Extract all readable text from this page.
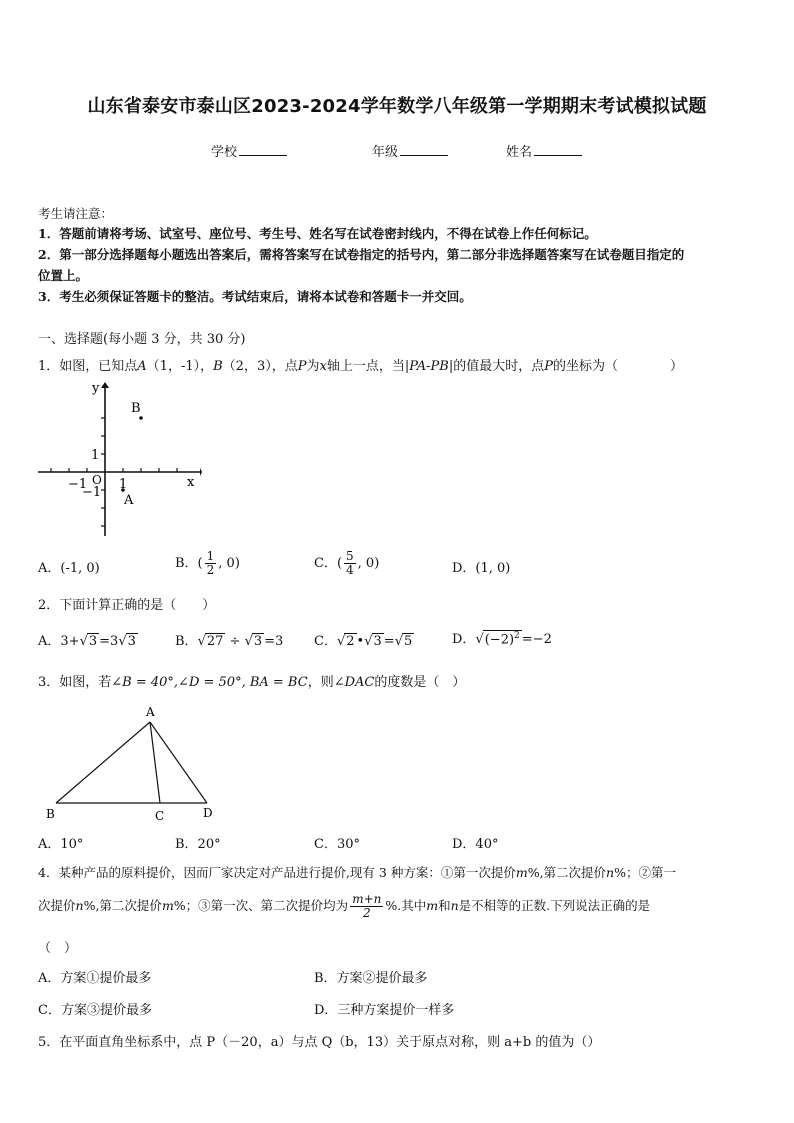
山东省泰安市泰山区2023-2024学年数学八年级第一学期期末考试模拟试题
学校	年级	姓名
考生请注意：
1．答题前请将考场、试室号、座位号、考生号、姓名写在试卷密封线内，不得在试卷上作任何标记。
2．第一部分选择题每小题选出答案后，需将答案写在试卷指定的括号内，第二部分非选择题答案写在试卷题目指定的
位置上。
3．考生必须保证答题卡的整洁。考试结束后，请将本试卷和答题卡一并交回。
一、选择题(每小题 3 分，共 30 分)
1．如图，已知点A（1，-1），B（2，3），点P为x轴上一点，当|PA-PB|的值最大时，点P的坐标为（　　　　）
y
x
B
A
1
−1 O
−1
1
A．(-1, 0)	B．( $\frac{1}{2}$ , 0)	C．( $\frac{5}{4}$ , 0)	D．(1, 0)
2．下面计算正确的是（　　）
A．3+√3 =3√3	B．√27 ÷ √3 =3 C．√2 •√3 =√5	D．$√(-2)^2 =-2$
3．如图，若∠B = 40°,∠D = 50°, BA = BC，则∠DAC的度数是（　）
A
B	C	D
A．10°	B．20°	C．30°	D．40°
4．某种产品的原料提价，因而厂家决定对产品进行提价,现有 3 种方案：①第一次提价m%,第二次提价n%；②第一
次提价n%,第二次提价m%；③第一次、第二次提价均为 $\frac{m+n}{2}$ %.其中m和n是不相等的正数.下列说法正确的是
（　）
A．方案①提价最多	B．方案②提价最多
C．方案③提价最多	D．三种方案提价一样多
5．在平面直角坐标系中，点 P（－20，a）与点 Q（b，13）关于原点对称，则 a+b 的值为（）
